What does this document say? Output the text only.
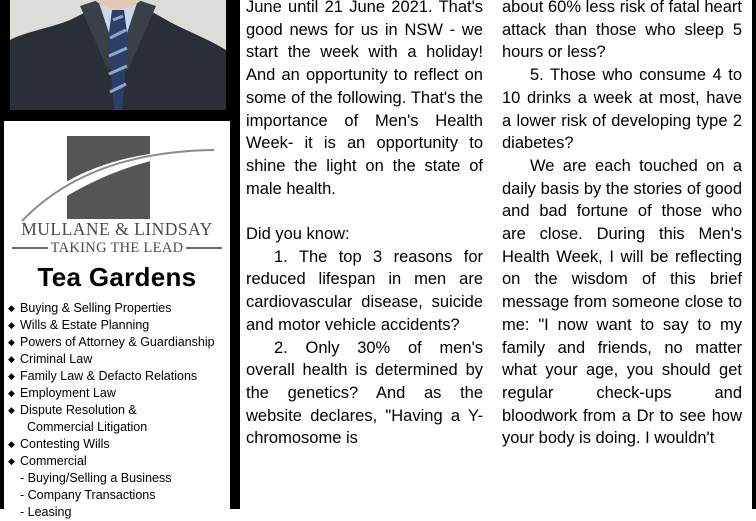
MULLANE & LINDSAY
TAKING THE LEAD
Tea Gardens
◆ Buying & Selling Properties
◆ Wills & Estate Planning
◆ Powers of Attorney & Guardianship
◆ Criminal Law
◆ Family Law & Defacto Relations
◆ Employment Law
◆ Dispute Resolution &
Commercial Litigation
◆ Contesting Wills
◆ Commercial
- Buying/Selling a Business
- Company Transactions
- Leasing

June until 21 June 2021. That's good news for us in NSW - we start the week with a holiday! And an opportunity to reflect on some of the following. That's the importance of Men's Health Week- it is an opportunity to shine the light on the state of male health.

Did you know:

1. The top 3 reasons for reduced lifespan in men are cardiovascular disease, suicide and motor vehicle accidents?

2. Only 30% of men's overall health is determined by the genetics? And as the website declares, "Having a Y-chromosome is

about 60% less risk of fatal heart attack than those who sleep 5 hours or less?

5. Those who consume 4 to 10 drinks a week at most, have a lower risk of developing type 2 diabetes?

We are each touched on a daily basis by the stories of good and bad fortune of those who are close. During this Men's Health Week, I will be reflecting on the wisdom of this brief message from someone close to me: "I now want to say to my family and friends, no matter what your age, you should get regular check-ups and bloodwork from a Dr to see how your body is doing. I wouldn't
